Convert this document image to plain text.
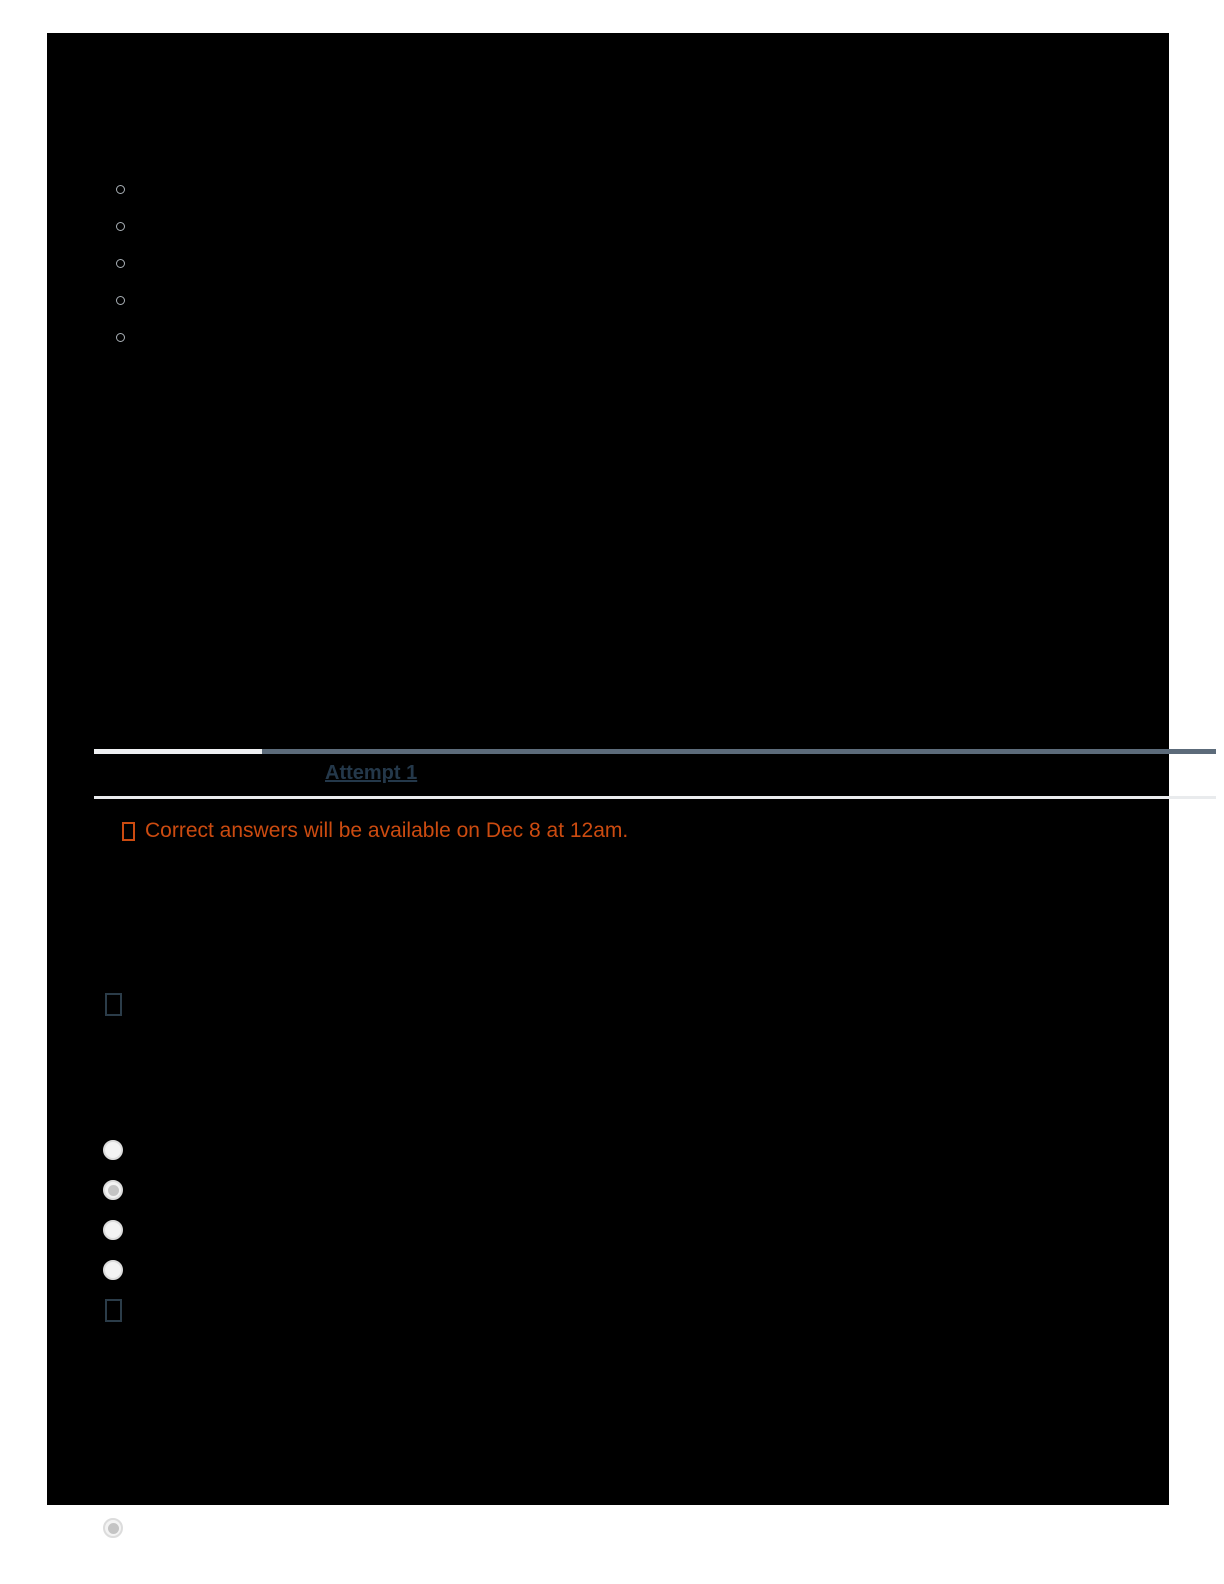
Attempt 1
Correct answers will be available on Dec 8 at 12am.
